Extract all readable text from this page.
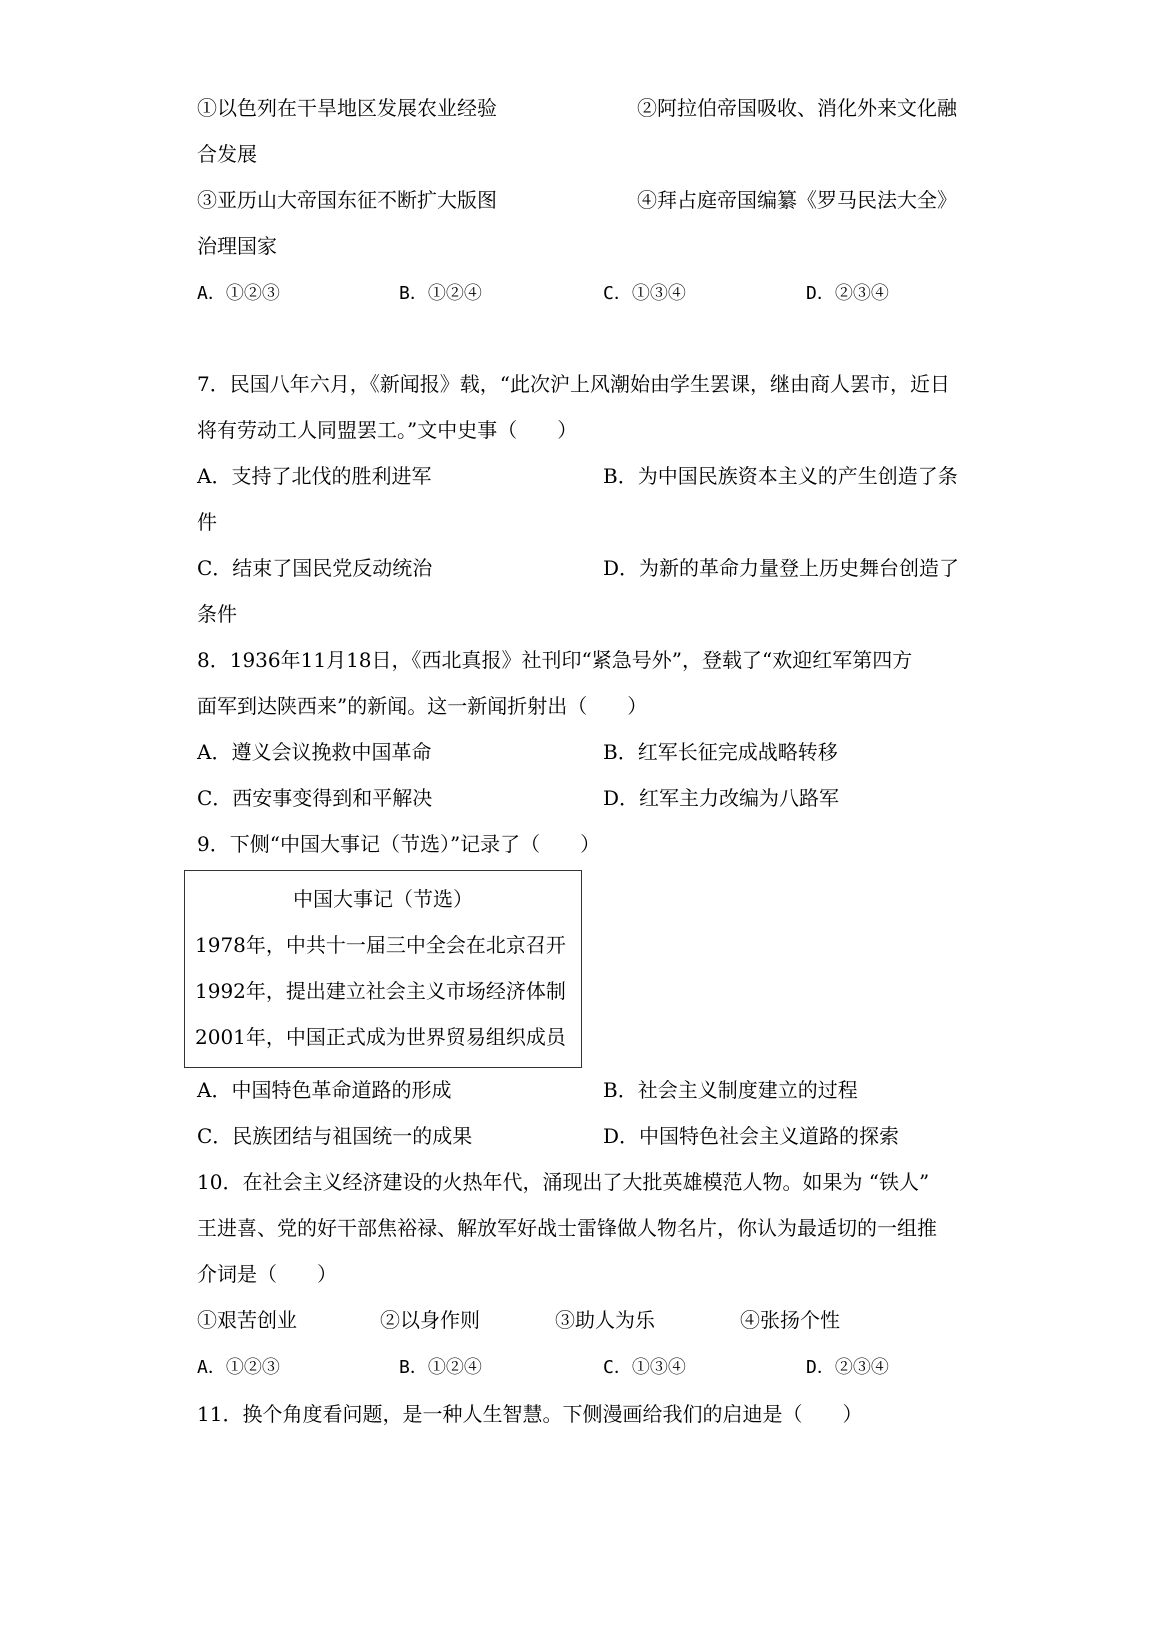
①以色列在干旱地区发展农业经验	②阿拉伯帝国吸收、消化外来文化融
合发展
③亚历山大帝国东征不断扩大版图	④拜占庭帝国编纂《罗马民法大全》
治理国家
A．①②③	B．①②④	C．①③④	D．②③④
7．民国八年六月，《新闻报》载，“此次沪上风潮始由学生罢课，继由商人罢市，近日
将有劳动工人同盟罢工。”文中史事（　　）
A．支持了北伐的胜利进军	B．为中国民族资本主义的产生创造了条
件
C．结束了国民党反动统治	D．为新的革命力量登上历史舞台创造了
条件
8．1936年11月18日，《西北真报》社刊印“紧急号外”，登载了“欢迎红军第四方
面军到达陕西来”的新闻。这一新闻折射出（　　）
A．遵义会议挽救中国革命	B．红军长征完成战略转移
C．西安事变得到和平解决	D．红军主力改编为八路军
9．下侧“中国大事记（节选）”记录了（　　）
中国大事记（节选）
1978年，中共十一届三中全会在北京召开
1992年，提出建立社会主义市场经济体制
2001年，中国正式成为世界贸易组织成员
A．中国特色革命道路的形成	B．社会主义制度建立的过程
C．民族团结与祖国统一的成果	D．中国特色社会主义道路的探索
10．在社会主义经济建设的火热年代，涌现出了大批英雄模范人物。如果为 “铁人”
王进喜、党的好干部焦裕禄、解放军好战士雷锋做人物名片，你认为最适切的一组推
介词是（　　）
①艰苦创业	②以身作则	③助人为乐	④张扬个性
A．①②③	B．①②④	C．①③④	D．②③④
11．换个角度看问题，是一种人生智慧。下侧漫画给我们的启迪是（　　）
